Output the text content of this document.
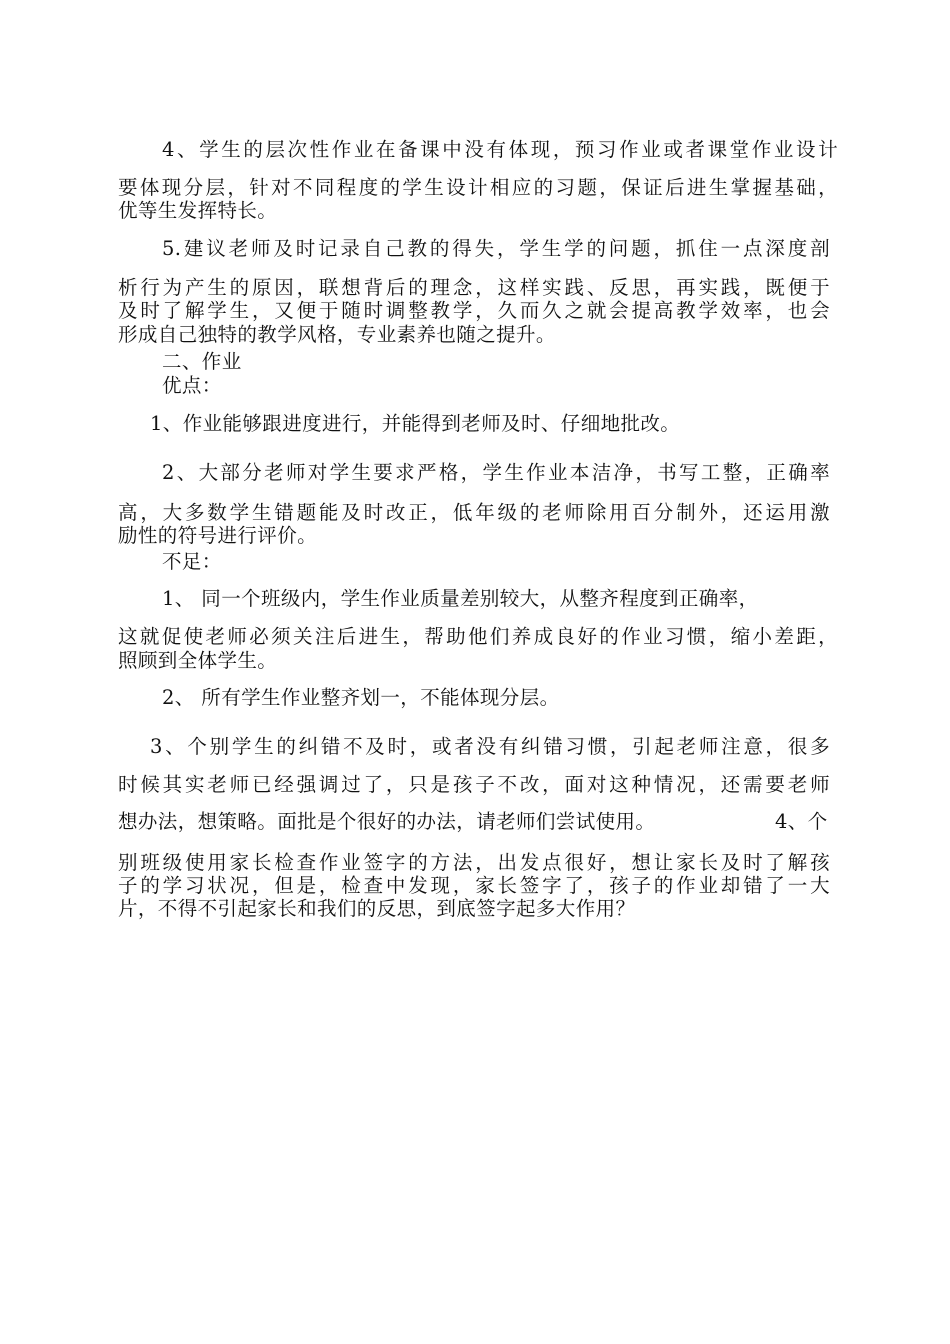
4、学生的层次性作业在备课中没有体现，预习作业或者课堂作业设计
要体现分层，针对不同程度的学生设计相应的习题，保证后进生掌握基础，
优等生发挥特长。
5.建议老师及时记录自己教的得失，学生学的问题，抓住一点深度剖
析行为产生的原因，联想背后的理念，这样实践、反思，再实践，既便于
及时了解学生，又便于随时调整教学，久而久之就会提高教学效率，也会
形成自己独特的教学风格，专业素养也随之提升。
二、作业
优点：
1、作业能够跟进度进行，并能得到老师及时、仔细地批改。
2、大部分老师对学生要求严格，学生作业本洁净，书写工整，正确率
高，大多数学生错题能及时改正，低年级的老师除用百分制外，还运用激
励性的符号进行评价。
不足：
1、 同一个班级内，学生作业质量差别较大，从整齐程度到正确率，
这就促使老师必须关注后进生，帮助他们养成良好的作业习惯，缩小差距，
照顾到全体学生。
2、 所有学生作业整齐划一，不能体现分层。
3、个别学生的纠错不及时，或者没有纠错习惯，引起老师注意，很多
时候其实老师已经强调过了，只是孩子不改，面对这种情况，还需要老师
想办法，想策略。面批是个很好的办法，请老师们尝试使用。	4、个
别班级使用家长检查作业签字的方法，出发点很好，想让家长及时了解孩
子的学习状况，但是，检查中发现，家长签字了，孩子的作业却错了一大
片，不得不引起家长和我们的反思，到底签字起多大作用？
